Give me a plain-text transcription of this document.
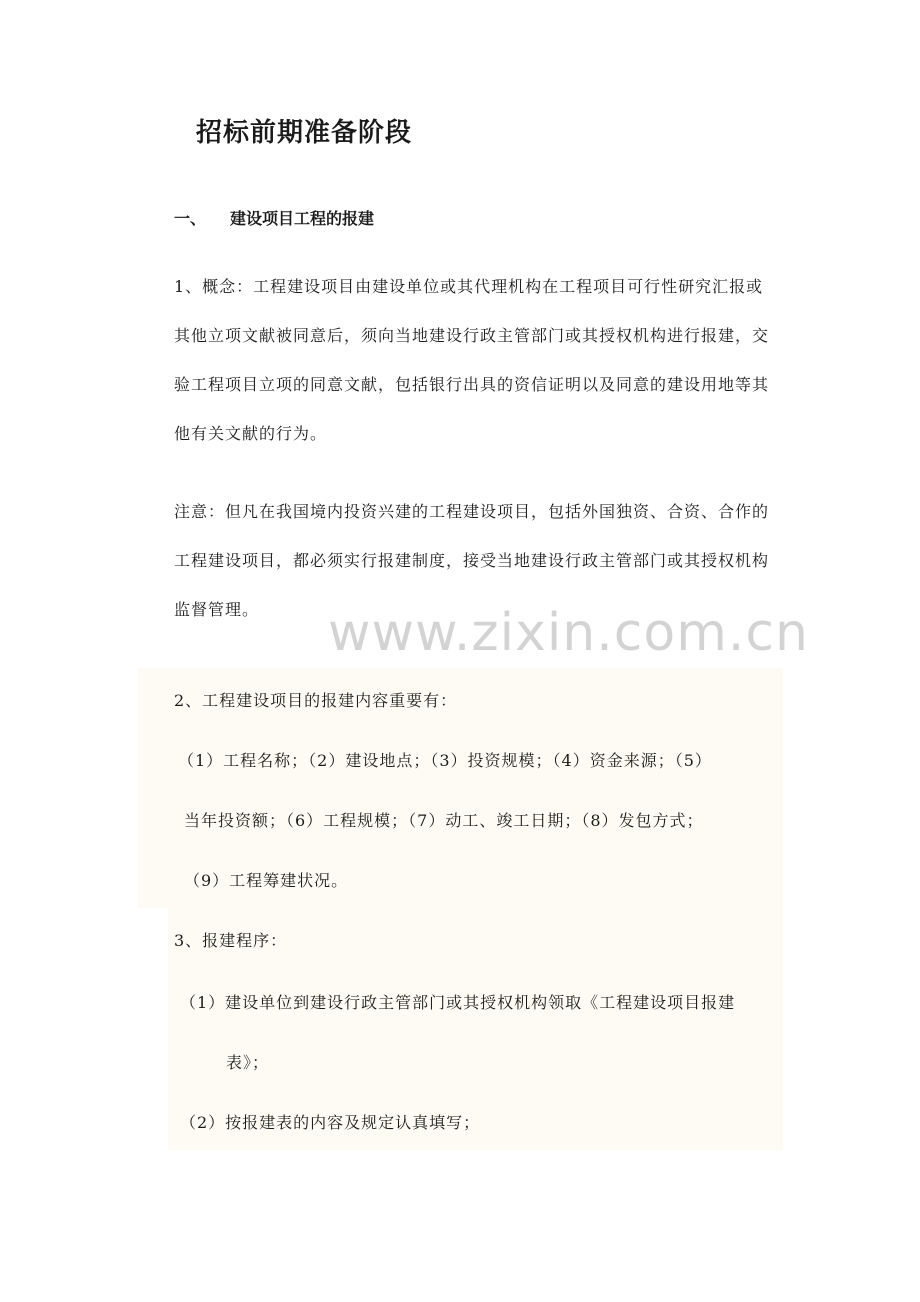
招标前期准备阶段
一、 建设项目工程的报建

1、概念：工程建设项目由建设单位或其代理机构在工程项目可行性研究汇报或其他立项文献被同意后，须向当地建设行政主管部门或其授权机构进行报建，交验工程项目立项的同意文献，包括银行出具的资信证明以及同意的建设用地等其他有关文献的行为。

注意：但凡在我国境内投资兴建的工程建设项目，包括外国独资、合资、合作的工程建设项目，都必须实行报建制度，接受当地建设行政主管部门或其授权机构监督管理。

2、工程建设项目的报建内容重要有：

（1）工程名称；（2）建设地点；（3）投资规模；（4）资金来源；（5）

当年投资额；（6）工程规模；（7）动工、竣工日期；（8）发包方式；

（9）工程筹建状况。

3、报建程序：

（1）建设单位到建设行政主管部门或其授权机构领取《工程建设项目报建

表》；

（2）按报建表的内容及规定认真填写；

www.zixin.com.cn
